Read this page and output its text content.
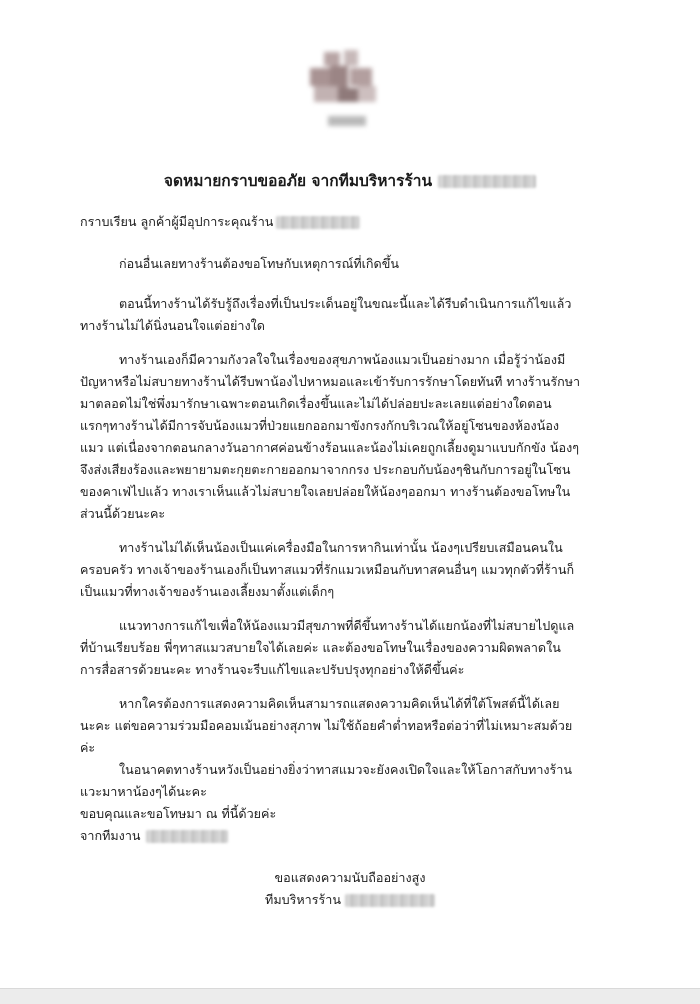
จดหมายกราบขออภัย จากทีมบริหารร้าน
กราบเรียน ลูกค้าผู้มีอุปการะคุณร้าน
ก่อนอื่นเลยทางร้านต้องขอโทษกับเหตุการณ์ที่เกิดขึ้น
ตอนนี้ทางร้านได้รับรู้ถึงเรื่องที่เป็นประเด็นอยู่ในขณะนี้และได้รีบดำเนินการแก้ไขแล้ว
ทางร้านไม่ได้นิ่งนอนใจแต่อย่างใด
ทางร้านเองก็มีความกังวลใจในเรื่องของสุขภาพน้องแมวเป็นอย่างมาก เมื่อรู้ว่าน้องมี
ปัญหาหรือไม่สบายทางร้านได้รีบพาน้องไปหาหมอและเข้ารับการรักษาโดยทันที ทางร้านรักษา
มาตลอดไม่ใช่พึ่งมารักษาเฉพาะตอนเกิดเรื่องขึ้นและไม่ได้ปล่อยปะละเลยแต่อย่างใดตอน
แรกๆทางร้านได้มีการจับน้องแมวที่ป่วยแยกออกมาขังกรงกักบริเวณให้อยู่โซนของห้องน้อง
แมว แต่เนื่องจากตอนกลางวันอากาศค่อนข้างร้อนและน้องไม่เคยถูกเลี้ยงดูมาแบบกักขัง น้องๆ
จึงส่งเสียงร้องและพยายามตะกุยตะกายออกมาจากกรง ประกอบกับน้องๆชินกับการอยู่ในโซน
ของคาเฟ่ไปแล้ว ทางเราเห็นแล้วไม่สบายใจเลยปล่อยให้น้องๆออกมา ทางร้านต้องขอโทษใน
ส่วนนี้ด้วยนะคะ
ทางร้านไม่ได้เห็นน้องเป็นแค่เครื่องมือในการหากินเท่านั้น น้องๆเปรียบเสมือนคนใน
ครอบครัว ทางเจ้าของร้านเองก็เป็นทาสแมวที่รักแมวเหมือนกับทาสคนอื่นๆ แมวทุกตัวที่ร้านก็
เป็นแมวที่ทางเจ้าของร้านเองเลี้ยงมาตั้งแต่เด็กๆ
แนวทางการแก้ไขเพื่อให้น้องแมวมีสุขภาพที่ดีขึ้นทางร้านได้แยกน้องที่ไม่สบายไปดูแล
ที่บ้านเรียบร้อย พี่ๆทาสแมวสบายใจได้เลยค่ะ และต้องขอโทษในเรื่องของความผิดพลาดใน
การสื่อสารด้วยนะคะ ทางร้านจะรีบแก้ไขและปรับปรุงทุกอย่างให้ดีขึ้นค่ะ
หากใครต้องการแสดงความคิดเห็นสามารถแสดงความคิดเห็นได้ที่ใต้โพสต์นี้ได้เลย
นะคะ แต่ขอความร่วมมือคอมเม้นอย่างสุภาพ ไม่ใช้ถ้อยคำต่ำทอหรือต่อว่าที่ไม่เหมาะสมด้วย
ค่ะ
ในอนาคตทางร้านหวังเป็นอย่างยิ่งว่าทาสแมวจะยังคงเปิดใจและให้โอกาสกับทางร้าน
แวะมาหาน้องๆได้นะคะ
ขอบคุณและขอโทษมา ณ ที่นี้ด้วยค่ะ
จากทีมงาน
ขอแสดงความนับถืออย่างสูง
ทีมบริหารร้าน
